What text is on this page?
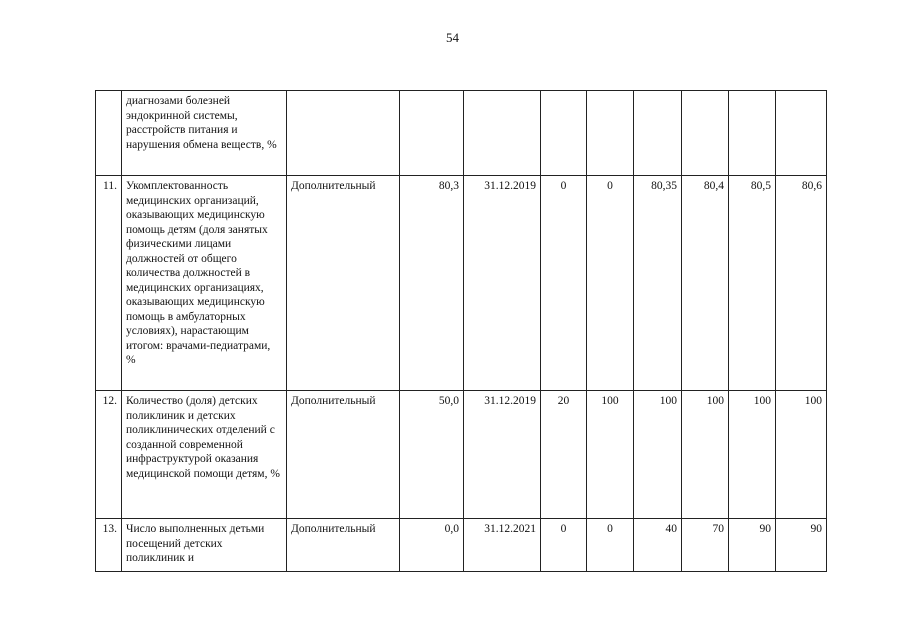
54
	диагнозами болезней эндокринной системы, расстройств питания и нарушения обмена веществ, %									
11.	Укомплектованность медицинских организаций, оказывающих медицинскую помощь детям (доля занятых физическими лицами должностей от общего количества должностей в медицинских организациях, оказывающих медицинскую помощь в амбулаторных условиях), нарастающим итогом: врачами-педиатрами, %	Дополнительный	80,3	31.12.2019	0	0	80,35	80,4	80,5	80,6
12.	Количество (доля) детских поликлиник и детских поликлинических отделений с созданной современной инфраструктурой оказания медицинской помощи детям, %	Дополнительный	50,0	31.12.2019	20	100	100	100	100	100
13.	Число выполненных детьми посещений детских поликлиник и	Дополнительный	0,0	31.12.2021	0	0	40	70	90	90
